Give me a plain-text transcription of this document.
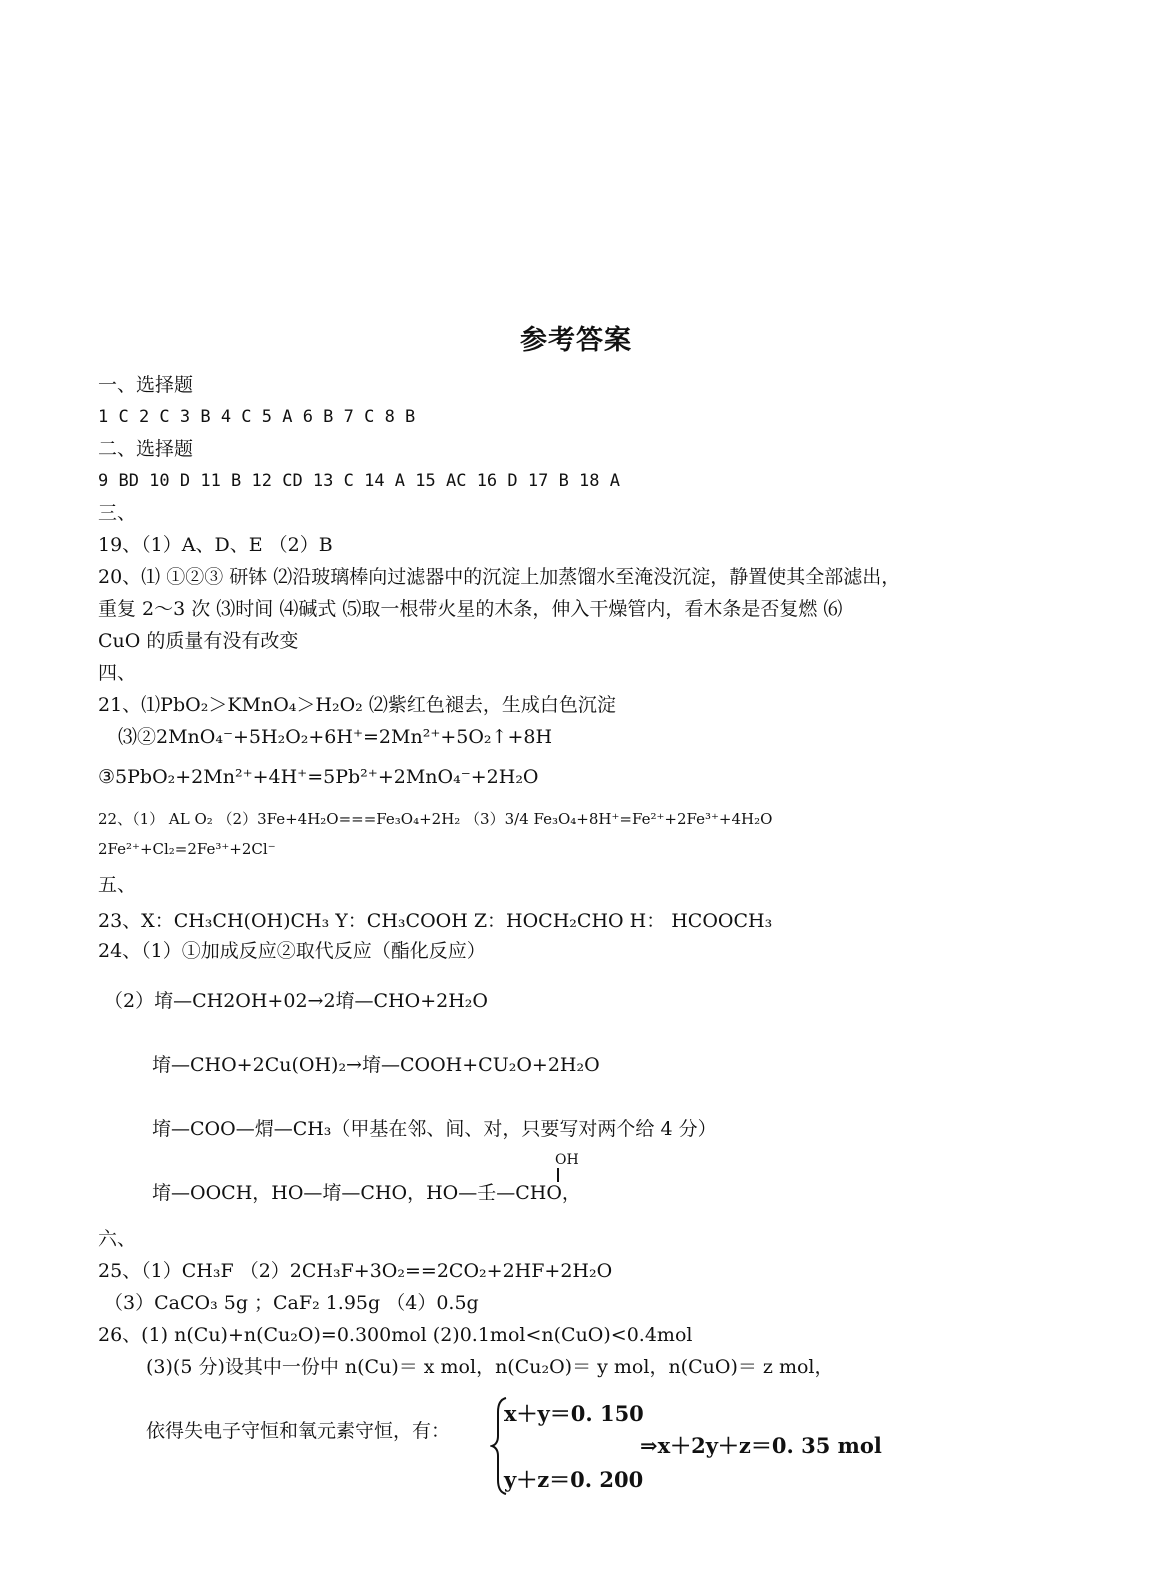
参考答案
一、选择题
1 C 2 C 3 B 4 C 5 A 6 B 7 C 8 B
二、选择题
9 BD 10 D 11 B 12 CD 13 C 14 A 15 AC 16 D 17 B 18 A
三、
19、（1）A、D、E （2）B
20、⑴ ①②③ 研钵 ⑵沿玻璃棒向过滤器中的沉淀上加蒸馏水至淹没沉淀，静置使其全部滤出，
重复 2～3 次 ⑶时间 ⑷碱式 ⑸取一根带火星的木条，伸入干燥管内，看木条是否复燃 ⑹
CuO 的质量有没有改变
四、
21、⑴PbO₂＞KMnO₄＞H₂O₂ ⑵紫红色褪去，生成白色沉淀
⑶②2MnO₄⁻+5H₂O₂+6H⁺=2Mn²⁺+5O₂↑+8H
③5PbO₂+2Mn²⁺+4H⁺=5Pb²⁺+2MnO₄⁻+2H₂O
22、（1） AL O₂ （2）3Fe+4H₂O===Fe₃O₄+2H₂ （3）3/4 Fe₃O₄+8H⁺=Fe²⁺+2Fe³⁺+4H₂O
2Fe²⁺+Cl₂=2Fe³⁺+2Cl⁻
五、
23、X：CH₃CH(OH)CH₃ Y：CH₃COOH Z：HOCH₂CHO H： HCOOCH₃
24、（1）①加成反应②取代反应（酯化反应）
（2）堉—CH2OH+02→2堉—CHO+2H₂O
堉—CHO+2Cu(OH)₂→堉—COOH+CU₂O+2H₂O
堉—COO—焨—CH₃（甲基在邻、间、对，只要写对两个给 4 分）
OH
堉—OOCH，HO—堉—CHO，HO—壬—CHO，
六、
25、（1）CH₃F （2）2CH₃F+3O₂==2CO₂+2HF+2H₂O
（3）CaCO₃ 5g ；CaF₂ 1.95g （4）0.5g
26、(1) n(Cu)+n(Cu₂O)=0.300mol (2)0.1mol<n(CuO)<0.4mol
(3)(5 分)设其中一份中 n(Cu)＝ x mol，n(Cu₂O)＝ y mol，n(CuO)＝ z mol，
依得失电子守恒和氧元素守恒，有：
x＋y＝0. 150
y＋z＝0. 200
⇒x＋2y＋z＝0. 35 mol
